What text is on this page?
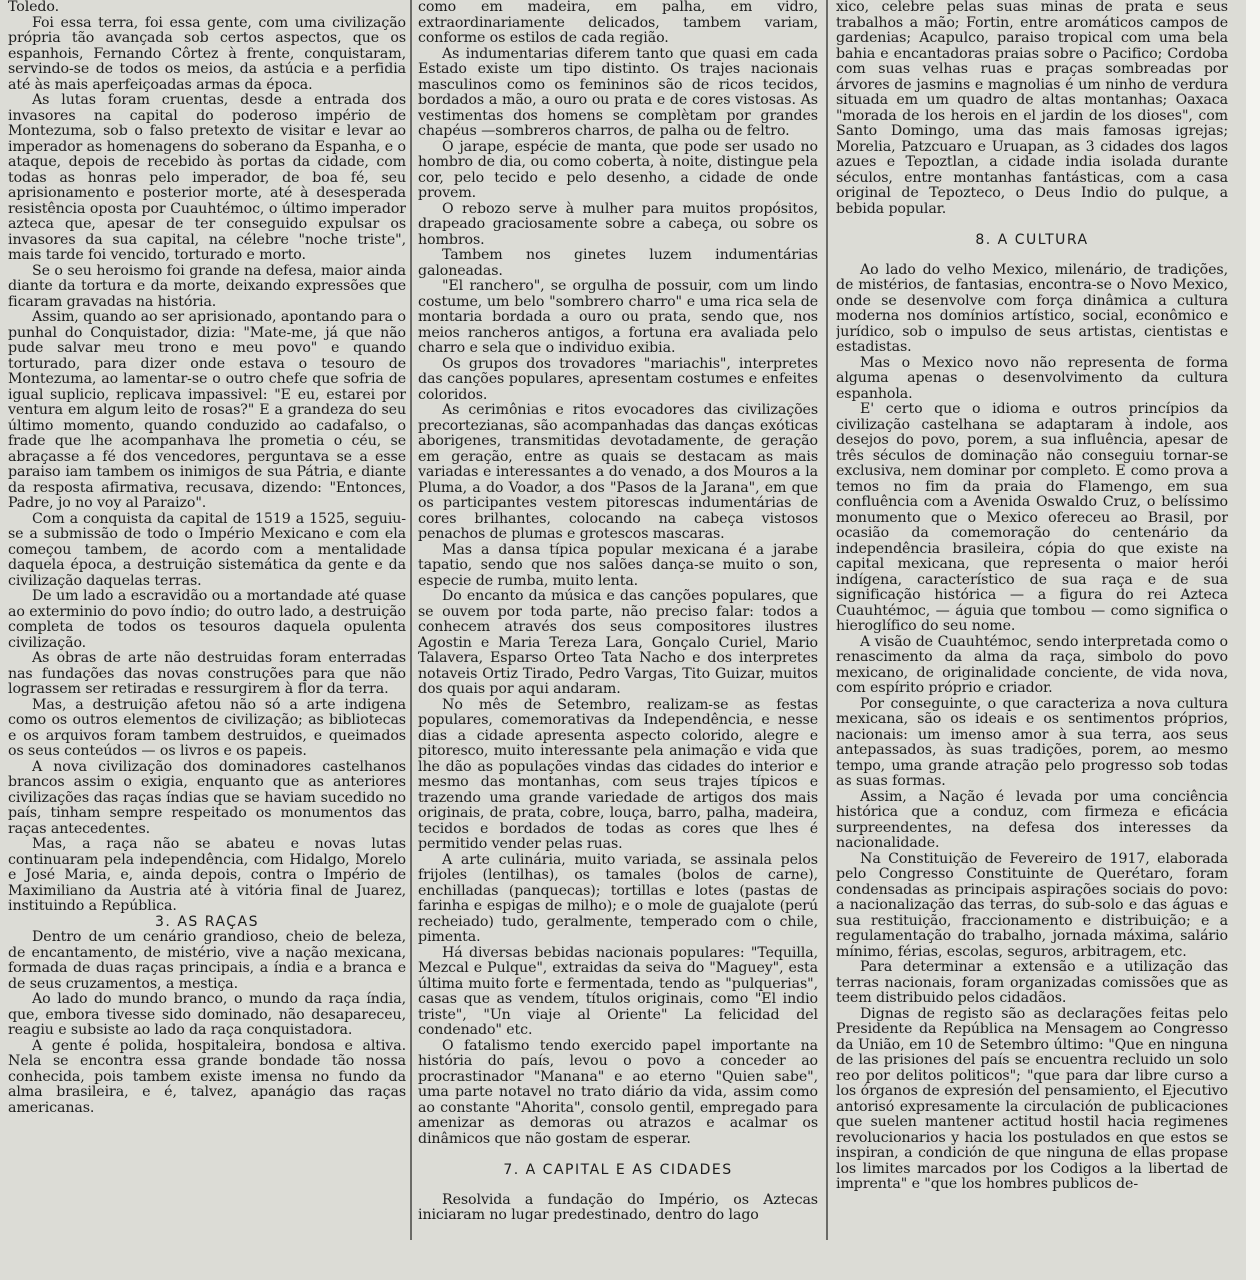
Toledo.

Foi essa terra, foi essa gente, com uma civilização própria tão avançada sob certos aspectos, que os espanhois, Fernando Côrtez à frente, conquistaram, servindo-se de todos os meios, da astúcia e a perfidia até às mais aperfeiçoadas armas da época.

As lutas foram cruentas, desde a entrada dos invasores na capital do poderoso império de Montezuma, sob o falso pretexto de visitar e levar ao imperador as homenagens do soberano da Espanha, e o ataque, depois de recebido às portas da cidade, com todas as honras pelo imperador, de boa fé, seu aprisionamento e posterior morte, até à desesperada resistência oposta por Cuauhtémoc, o último imperador azteca que, apesar de ter conseguido expulsar os invasores da sua capital, na célebre "noche triste", mais tarde foi vencido, torturado e morto.

Se o seu heroismo foi grande na defesa, maior ainda diante da tortura e da morte, deixando expressões que ficaram gravadas na história.

Assim, quando ao ser aprisionado, apontando para o punhal do Conquistador, dizia: "Mate-me, já que não pude salvar meu trono e meu povo" e quando torturado, para dizer onde estava o tesouro de Montezuma, ao lamentar-se o outro chefe que sofria de igual suplicio, replicava impassivel: "E eu, estarei por ventura em algum leito de rosas?" E a grandeza do seu último momento, quando conduzido ao cadafalso, o frade que lhe acompanhava lhe prometia o céu, se abraçasse a fé dos vencedores, perguntava se a esse paraiso iam tambem os inimigos de sua Pátria, e diante da resposta afirmativa, recusava, dizendo: "Entonces, Padre, jo no voy al Paraizo".

Com a conquista da capital de 1519 a 1525, seguiu-se a submissão de todo o Império Mexicano e com ela começou tambem, de acordo com a mentalidade daquela época, a destruição sistemática da gente e da civilização daquelas terras.

De um lado a escravidão ou a mortandade até quase ao exterminio do povo índio; do outro lado, a destruição completa de todos os tesouros daquela opulenta civilização.

As obras de arte não destruidas foram enterradas nas fundações das novas construções para que não lograssem ser retiradas e ressurgirem à flor da terra.

Mas, a destruição afetou não só a arte indigena como os outros elementos de civilização; as bibliotecas e os arquivos foram tambem destruidos, e queimados os seus conteúdos — os livros e os papeis.

A nova civilização dos dominadores castelhanos brancos assim o exigia, enquanto que as anteriores civilizações das raças índias que se haviam sucedido no país, tinham sempre respeitado os monumentos das raças antecedentes.

Mas, a raça não se abateu e novas lutas continuaram pela independência, com Hidalgo, Morelo e José Maria, e, ainda depois, contra o Império de Maximiliano da Austria até à vitória final de Juarez, instituindo a República.

3. AS RAÇAS

Dentro de um cenário grandioso, cheio de beleza, de encantamento, de mistério, vive a nação mexicana, formada de duas raças principais, a índia e a branca e de seus cruzamentos, a mestiça.

Ao lado do mundo branco, o mundo da raça índia, que, embora tivesse sido dominado, não desapareceu, reagiu e subsiste ao lado da raça conquistadora.

A gente é polida, hospitaleira, bondosa e altiva. Nela se encontra essa grande bondade tão nossa conhecida, pois tambem existe imensa no fundo da alma brasileira, e é, talvez, apanágio das raças americanas.

como em madeira, em palha, em vidro, extraordinariamente delicados, tambem variam, conforme os estilos de cada região.

As indumentarias diferem tanto que quasi em cada Estado existe um tipo distinto. Os trajes nacionais masculinos como os femininos são de ricos tecidos, bordados a mão, a ouro ou prata e de cores vistosas. As vestimentas dos homens se complètam por grandes chapéus —sombreros charros, de palha ou de feltro.

O jarape, espécie de manta, que pode ser usado no hombro de dia, ou como coberta, à noite, distingue pela cor, pelo tecido e pelo desenho, a cidade de onde provem.

O rebozo serve à mulher para muitos propósitos, drapeado graciosamente sobre a cabeça, ou sobre os hombros.

Tambem nos ginetes luzem indumentárias galoneadas.

"El ranchero", se orgulha de possuir, com um lindo costume, um belo "sombrero charro" e uma rica sela de montaria bordada a ouro ou prata, sendo que, nos meios rancheros antigos, a fortuna era avaliada pelo charro e sela que o individuo exibia.

Os grupos dos trovadores "mariachis", interpretes das canções populares, apresentam costumes e enfeites coloridos.

As cerimônias e ritos evocadores das civilizações precortezianas, são acompanhadas das danças exóticas aborigenes, transmitidas devotadamente, de geração em geração, entre as quais se destacam as mais variadas e interessantes a do venado, a dos Mouros a la Pluma, a do Voador, a dos "Pasos de la Jarana", em que os participantes vestem pitorescas indumentárias de cores brilhantes, colocando na cabeça vistosos penachos de plumas e grotescos mascaras.

Mas a dansa típica popular mexicana é a jarabe tapatio, sendo que nos salões dança-se muito o son, especie de rumba, muito lenta.

Do encanto da música e das canções populares, que se ouvem por toda parte, não preciso falar: todos a conhecem através dos seus compositores ilustres Agostin e Maria Tereza Lara, Gonçalo Curiel, Mario Talavera, Esparso Orteo Tata Nacho e dos interpretes notaveis Ortiz Tirado, Pedro Vargas, Tito Guizar, muitos dos quais por aqui andaram.

No mês de Setembro, realizam-se as festas populares, comemorativas da Independência, e nesse dias a cidade apresenta aspecto colorido, alegre e pitoresco, muito interessante pela animação e vida que lhe dão as populações vindas das cidades do interior e mesmo das montanhas, com seus trajes típicos e trazendo uma grande variedade de artigos dos mais originais, de prata, cobre, louça, barro, palha, madeira, tecidos e bordados de todas as cores que lhes é permitido vender pelas ruas.

A arte culinária, muito variada, se assinala pelos frijoles (lentilhas), os tamales (bolos de carne), enchilladas (panquecas); tortillas e lotes (pastas de farinha e espigas de milho); e o mole de guajalote (perú recheiado) tudo, geralmente, temperado com o chile, pimenta.

Há diversas bebidas nacionais populares: "Tequilla, Mezcal e Pulque", extraidas da seiva do "Maguey", esta última muito forte e fermentada, tendo as "pulquerias", casas que as vendem, títulos originais, como "El indio triste", "Un viaje al Oriente" La felicidad del condenado" etc.

O fatalismo tendo exercido papel importante na história do país, levou o povo a conceder ao procrastinador "Manana" e ao eterno "Quien sabe", uma parte notavel no trato diário da vida, assim como ao constante "Ahorita", consolo gentil, empregado para amenizar as demoras ou atrazos e acalmar os dinâmicos que não gostam de esperar.

7. A CAPITAL E AS CIDADES

Resolvida a fundação do Império, os Aztecas iniciaram no lugar predestinado, dentro do lago

xico, celebre pelas suas minas de prata e seus trabalhos a mão; Fortin, entre aromáticos campos de gardenias; Acapulco, paraiso tropical com uma bela bahia e encantadoras praias sobre o Pacifico; Cordoba com suas velhas ruas e praças sombreadas por árvores de jasmins e magnolias é um ninho de verdura situada em um quadro de altas montanhas; Oaxaca "morada de los herois en el jardin de los dioses", com Santo Domingo, uma das mais famosas igrejas; Morelia, Patzcuaro e Uruapan, as 3 cidades dos lagos azues e Tepoztlan, a cidade india isolada durante séculos, entre montanhas fantásticas, com a casa original de Tepozteco, o Deus Indio do pulque, a bebida popular.

8. A CULTURA

Ao lado do velho Mexico, milenário, de tradições, de mistérios, de fantasias, encontra-se o Novo Mexico, onde se desenvolve com força dinâmica a cultura moderna nos domínios artístico, social, econômico e jurídico, sob o impulso de seus artistas, cientistas e estadistas.

Mas o Mexico novo não representa de forma alguma apenas o desenvolvimento da cultura espanhola.

E' certo que o idioma e outros princípios da civilização castelhana se adaptaram à indole, aos desejos do povo, porem, a sua influência, apesar de três séculos de dominação não conseguiu tornar-se exclusiva, nem dominar por completo. E como prova a temos no fim da praia do Flamengo, em sua confluência com a Avenida Oswaldo Cruz, o belíssimo monumento que o Mexico ofereceu ao Brasil, por ocasião da comemoração do centenário da independência brasileira, cópia do que existe na capital mexicana, que representa o maior herói indígena, característico de sua raça e de sua significação histórica — a figura do rei Azteca Cuauhtémoc, — águia que tombou — como significa o hieroglífico do seu nome.

A visão de Cuauhtémoc, sendo interpretada como o renascimento da alma da raça, simbolo do povo mexicano, de originalidade concientе, de vida nova, com espírito próprio e criador.

Por conseguinte, o que caracteriza a nova cultura mexicana, são os ideais e os sentimentos próprios, nacionais: um imenso amor à sua terra, aos seus antepassados, às suas tradições, porem, ao mesmo tempo, uma grande atração pelo progresso sob todas as suas formas.

Assim, a Nação é levada por uma conciência histórica que a conduz, com firmeza e eficácia surpreendentes, na defesa dos interesses da nacionalidade.

Na Constituição de Fevereiro de 1917, elaborada pelo Congresso Constituinte de Querétaro, foram condensadas as principais aspirações sociais do povo: a nacionalização das terras, do sub-solo e das águas e sua restituição, fraccionamento e distribuição; e a regulamentação do trabalho, jornada máxima, salário mínimo, férias, escolas, seguros, arbitragem, etc.

Para determinar a extensão e a utilização das terras nacionais, foram organizadas comissões que as teem distribuido pelos cidadãos.

Dignas de registo são as declarações feitas pelo Presidente da República na Mensagem ao Congresso da União, em 10 de Setembro último: "Que en ninguna de las prisiones del país se encuentra recluido un solo reo por delitos politicos"; "que para dar libre curso a los órganos de expresión del pensamiento, el Ejecutivo antorisó expresamente la circulación de publicaciones que suelen mantener actitud hostil hacia regimenes revolucionarios y hacia los postulados en que estos se inspiran, a condición de que ninguna de ellas propase los limites marcados por los Codigos a la libertad de imprenta" e "que los hombres publicos de-
